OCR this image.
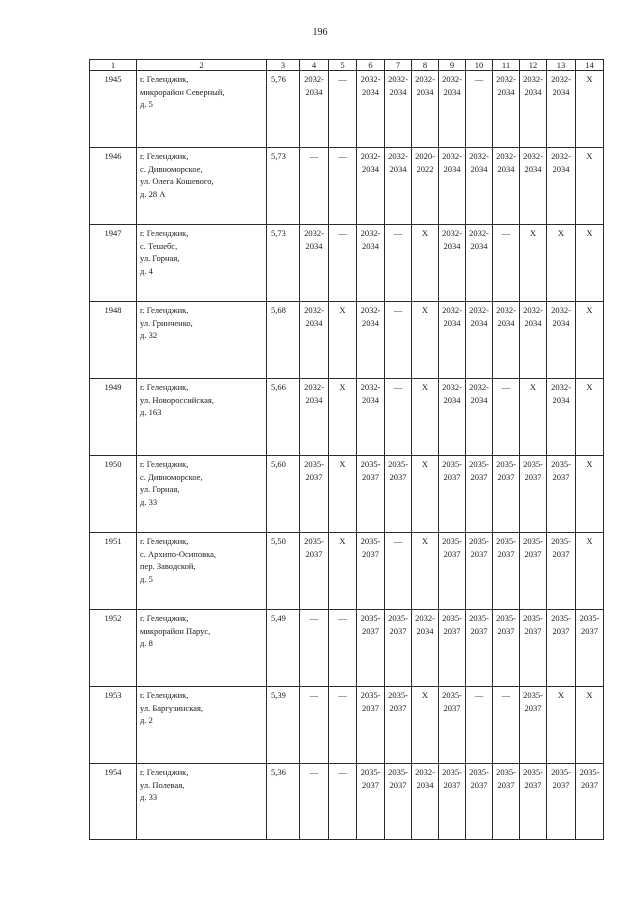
196
1	2	3	4	5	6	7	8	9	10	11	12	13	14
1945	г. Геленджик,
микрорайон Северный,
д. 5	5,76	2032-2034	—	2032-2034	2032-2034	2032-2034	2032-2034	—	2032-2034	2032-2034	2032-2034	X
1946	г. Геленджик,
с. Дивноморское,
ул. Олега Кошевого,
д. 28 А	5,73	—	—	2032-2034	2032-2034	2020-2022	2032-2034	2032-2034	2032-2034	2032-2034	2032-2034	X
1947	г. Геленджик,
с. Тешебс,
ул. Горная,
д. 4	5,73	2032-2034	—	2032-2034	—	X	2032-2034	2032-2034	—	X	X	X
1948	г. Геленджик,
ул. Гринченко,
д. 32	5,68	2032-2034	X	2032-2034	—	X	2032-2034	2032-2034	2032-2034	2032-2034	2032-2034	X
1949	г. Геленджик,
ул. Новороссийская,
д. 163	5,66	2032-2034	X	2032-2034	—	X	2032-2034	2032-2034	—	X	2032-2034	X
1950	г. Геленджик,
с. Дивноморское,
ул. Горная,
д. 33	5,60	2035-2037	X	2035-2037	2035-2037	X	2035-2037	2035-2037	2035-2037	2035-2037	2035-2037	X
1951	г. Геленджик,
с. Архипо-Осиповка,
пер. Заводской,
д. 5	5,50	2035-2037	X	2035-2037	—	X	2035-2037	2035-2037	2035-2037	2035-2037	2035-2037	X
1952	г. Геленджик,
микрорайон Парус,
д. 8	5,49	—	—	2035-2037	2035-2037	2032-2034	2035-2037	2035-2037	2035-2037	2035-2037	2035-2037	2035-2037
1953	г. Геленджик,
ул. Баргузинская,
д. 2	5,39	—	—	2035-2037	2035-2037	X	2035-2037	—	—	2035-2037	X	X
1954	г. Геленджик,
ул. Полевая,
д. 33	5,36	—	—	2035-2037	2035-2037	2032-2034	2035-2037	2035-2037	2035-2037	2035-2037	2035-2037	2035-2037
